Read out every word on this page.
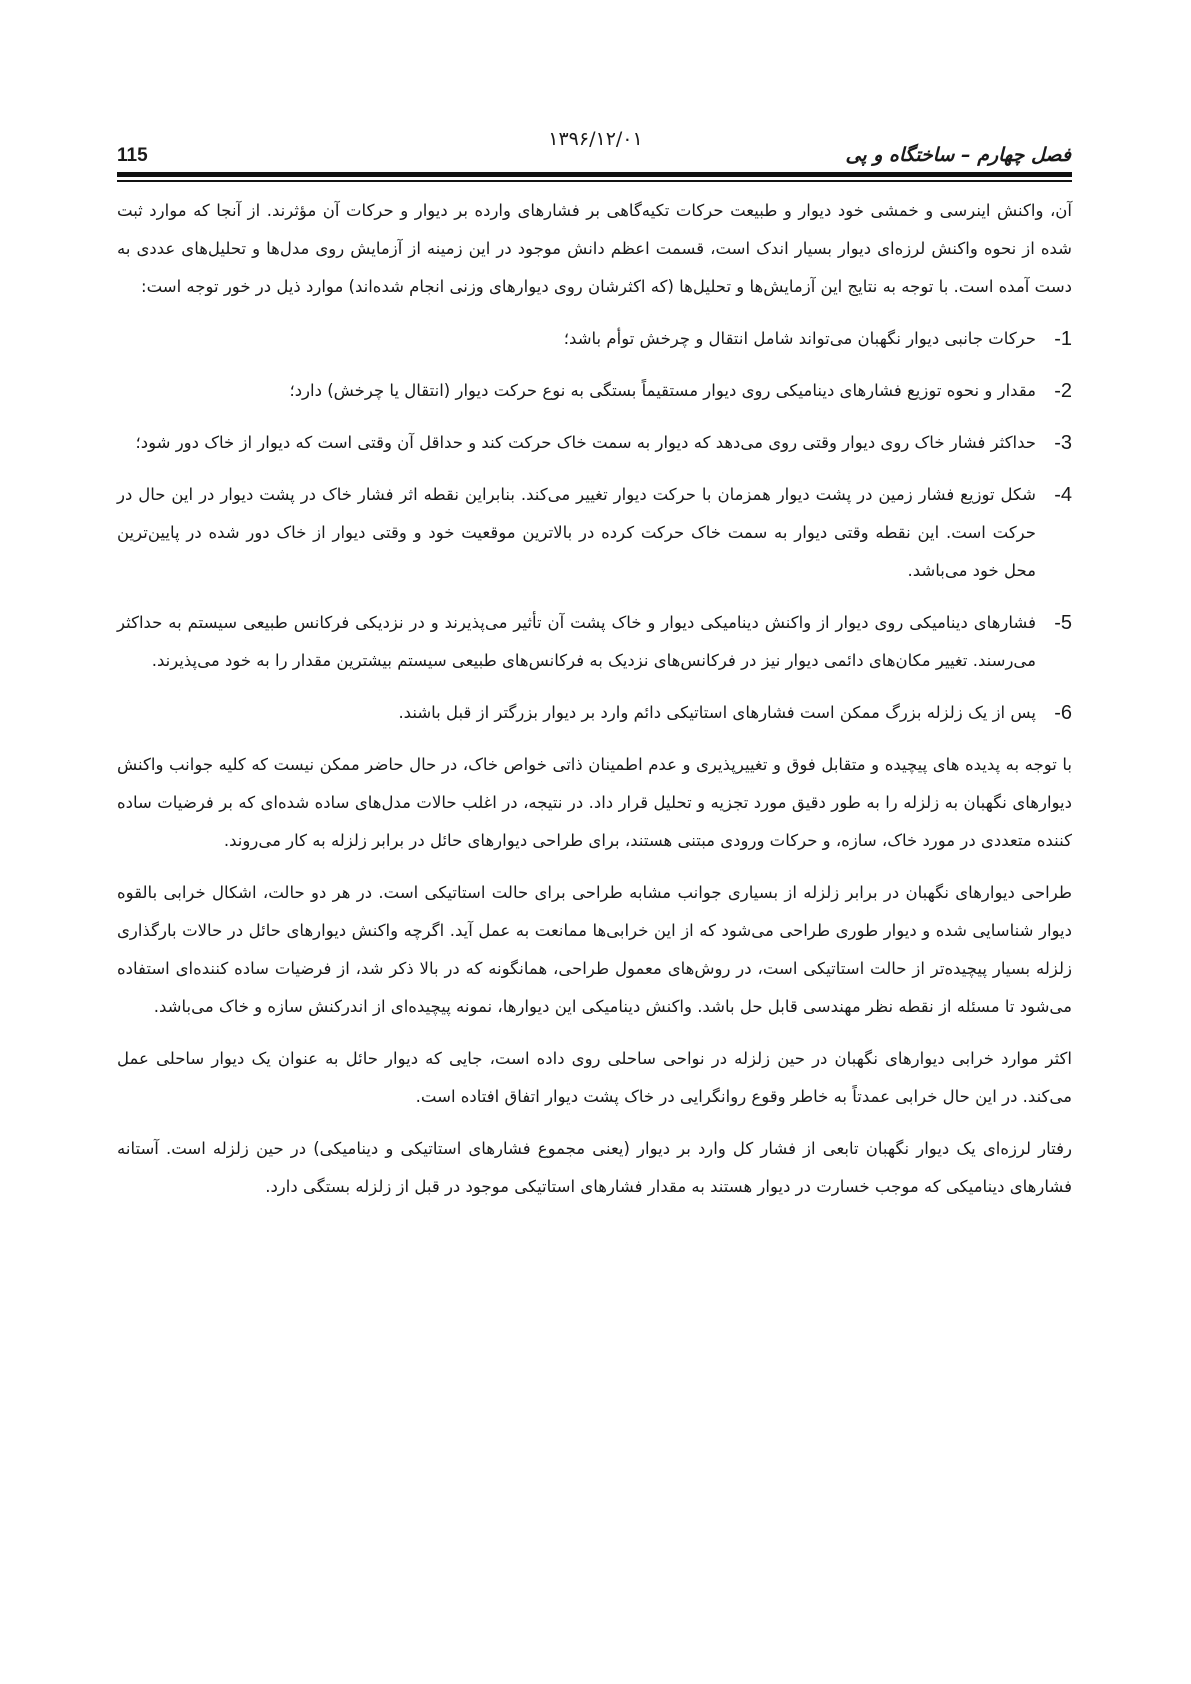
۱۳۹۶/۱۲/۰۱
115	فصل چهارم – ساختگاه و پی

آن، واکنش اینرسی و خمشی خود دیوار و طبیعت حرکات تکیه‌گاهی بر فشارهای وارده بر دیوار و حرکات آن مؤثرند. از آنجا که موارد ثبت شده از نحوه واکنش لرزه‌ای دیوار بسیار اندک است، قسمت اعظم دانش موجود در این زمینه از آزمایش روی مدل‌ها و تحلیل‌های عددی به دست آمده است. با توجه به نتایج این آزمایش‌ها و تحلیل‌ها (که اکثرشان روی دیوارهای وزنی انجام شده‌اند) موارد ذیل در خور توجه است:

1-
حرکات جانبی دیوار نگهبان می‌تواند شامل انتقال و چرخش توأم باشد؛
2-
مقدار و نحوه توزیع فشارهای دینامیکی روی دیوار مستقیماً بستگی به نوع حرکت دیوار (انتقال یا چرخش) دارد؛
3-
حداکثر فشار خاک روی دیوار وقتی روی می‌دهد که دیوار به سمت خاک حرکت کند و حداقل آن وقتی است که دیوار از خاک دور شود؛
4-
شکل توزیع فشار زمین در پشت دیوار همزمان با حرکت دیوار تغییر می‌کند. بنابراین نقطه اثر فشار خاک در پشت دیوار در این حال در حرکت است. این نقطه وقتی دیوار به سمت خاک حرکت کرده در بالاترین موقعیت خود و وقتی دیوار از خاک دور شده در پایین‌ترین محل خود می‌باشد.
5-
فشارهای دینامیکی روی دیوار از واکنش دینامیکی دیوار و خاک پشت آن تأثیر می‌پذیرند و در نزدیکی فرکانس طبیعی سیستم به حداکثر می‌رسند. تغییر مکان‌های دائمی دیوار نیز در فرکانس‌های نزدیک به فرکانس‌های طبیعی سیستم بیشترین مقدار را به خود می‌پذیرند.
6-
پس از یک زلزله بزرگ ممکن است فشارهای استاتیکی دائم وارد بر دیوار بزرگتر از قبل باشند.

با توجه به پدیده های پیچیده و متقابل فوق و تغییرپذیری و عدم اطمینان ذاتی خواص خاک، در حال حاضر ممکن نیست که کلیه جوانب واکنش دیوارهای نگهبان به زلزله را به طور دقیق مورد تجزیه و تحلیل قرار داد. در نتیجه، در اغلب حالات مدل‌های ساده شده‌ای که بر فرضیات ساده کننده متعددی در مورد خاک، سازه، و حرکات ورودی مبتنی هستند، برای طراحی دیوارهای حائل در برابر زلزله به کار می‌روند.

طراحی دیوارهای نگهبان در برابر زلزله از بسیاری جوانب مشابه طراحی برای حالت استاتیکی است. در هر دو حالت، اشکال خرابی بالقوه دیوار شناسایی شده و دیوار طوری طراحی می‌شود که از این خرابی‌ها ممانعت به عمل آید. اگرچه واکنش دیوارهای حائل در حالات بارگذاری زلزله بسیار پیچیده‌تر از حالت استاتیکی است، در روش‌های معمول طراحی، همانگونه که در بالا ذکر شد، از فرضیات ساده کننده‌ای استفاده می‌شود تا مسئله از نقطه نظر مهندسی قابل حل باشد. واکنش دینامیکی این دیوارها، نمونه پیچیده‌ای از اندرکنش سازه و خاک می‌باشد.

اکثر موارد خرابی دیوارهای نگهبان در حین زلزله در نواحی ساحلی روی داده است، جایی که دیوار حائل به عنوان یک دیوار ساحلی عمل می‌کند. در این حال خرابی عمدتاً به خاطر وقوع روانگرایی در خاک پشت دیوار اتفاق افتاده است.

رفتار لرزه‌ای یک دیوار نگهبان تابعی از فشار کل وارد بر دیوار (یعنی مجموع فشارهای استاتیکی و دینامیکی) در حین زلزله است. آستانه فشارهای دینامیکی که موجب خسارت در دیوار هستند به مقدار فشارهای استاتیکی موجود در قبل از زلزله بستگی دارد.
